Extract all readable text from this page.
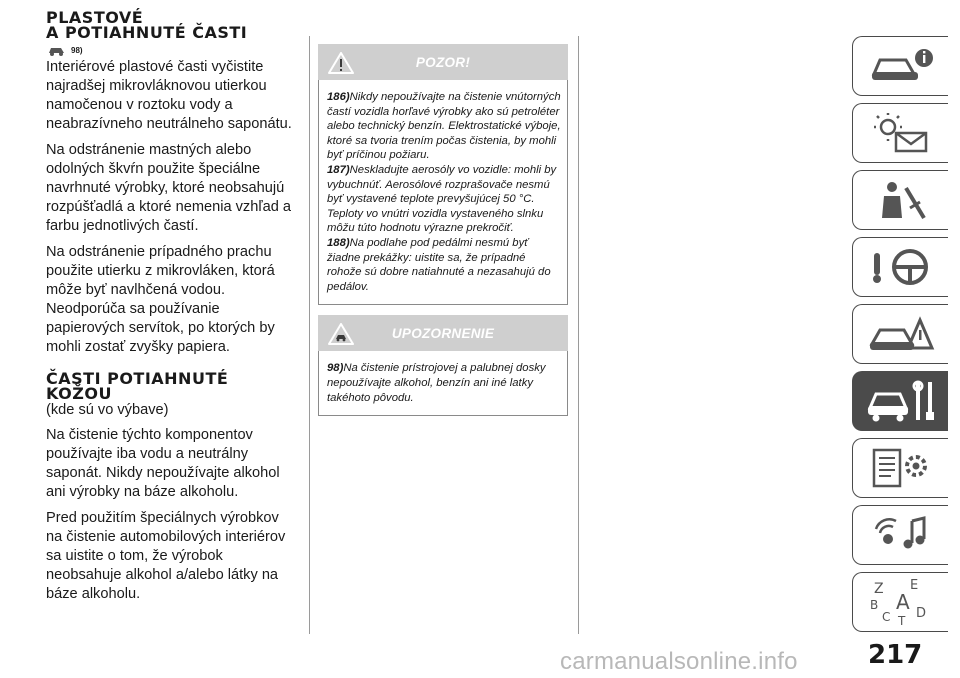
PLASTOVÉ
A POTIAHNUTÉ ČASTI
98)

Interiérové plastové časti vyčistite najradšej mikrovláknovou utierkou namočenou v roztoku vody a neabrazívneho neutrálneho saponátu.

Na odstránenie mastných alebo odolných škvŕn použite špeciálne navrhnuté výrobky, ktoré neobsahujú rozpúšťadlá a ktoré nemenia vzhľad a farbu jednotlivých častí.

Na odstránenie prípadného prachu použite utierku z mikrovláken, ktorá môže byť navlhčená vodou. Neodporúča sa používanie papierových servítok, po ktorých by mohli zostať zvyšky papiera.

ČASTI POTIAHNUTÉ
KOŽOU

(kde sú vo výbave)

Na čistenie týchto komponentov používajte iba vodu a neutrálny saponát. Nikdy nepoužívajte alkohol ani výrobky na báze alkoholu.

Pred použitím špeciálnych výrobkov na čistenie automobilových interiérov sa uistite o tom, že výrobok neobsahuje alkohol a/alebo látky na báze alkoholu.

POZOR!
186)Nikdy nepoužívajte na čistenie vnútorných častí vozidla horľavé výrobky ako sú petroléter alebo technický benzín. Elektrostatické výboje, ktoré sa tvoria trením počas čistenia, by mohli byť príčinou požiaru.
187)Neskladujte aerosóly vo vozidle: mohli by vybuchnúť. Aerosólové rozprašovače nesmú byť vystavené teplote prevyšujúcej 50 °C. Teploty vo vnútri vozidla vystaveného slnku môžu túto hodnotu výrazne prekročiť.
188)Na podlahe pod pedálmi nesmú byť žiadne prekážky: uistite sa, že prípadné rohože sú dobre natiahnuté a nezasahujú do pedálov.
UPOZORNENIE
98)Na čistenie prístrojovej a palubnej dosky nepoužívajte alkohol, benzín ani iné latky takéhoto pôvodu.
Z E
B A
C D
T
217
carmanualsonline.info
